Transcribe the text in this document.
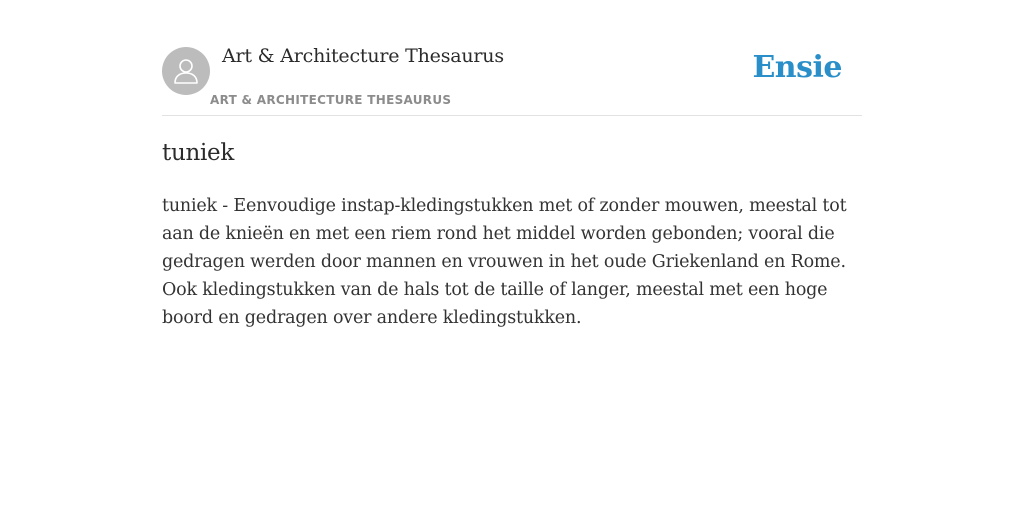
Art & Architecture Thesaurus
ART & ARCHITECTURE THESAURUS
Ensie
tuniek

tuniek - Eenvoudige instap-kledingstukken met of zonder mouwen, meestal tot aan de knieën en met een riem rond het middel worden gebonden; vooral die gedragen werden door mannen en vrouwen in het oude Griekenland en Rome. Ook kledingstukken van de hals tot de taille of langer, meestal met een hoge boord en gedragen over andere kledingstukken.
